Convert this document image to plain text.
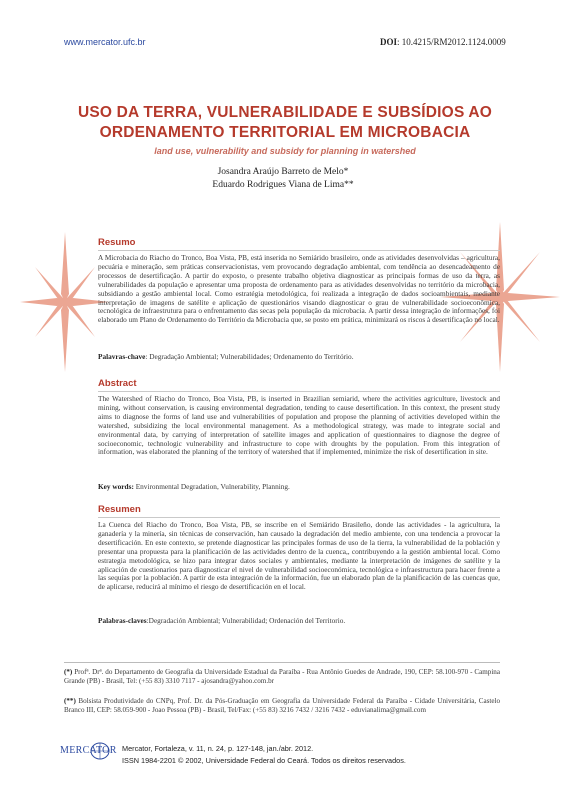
www.mercator.ufc.br	DOI: 10.4215/RM2012.1124.0009
USO DA TERRA, VULNERABILIDADE E SUBSÍDIOS AO
ORDENAMENTO TERRITORIAL EM MICROBACIA
land use, vulnerability and subsidy for planning in watershed
Josandra Araújo Barreto de Melo*
Eduardo Rodrigues Viana de Lima**
Resumo
A Microbacia do Riacho do Tronco, Boa Vista, PB, está inserida no Semiárido brasileiro, onde as atividades desenvolvidas – agricultura, pecuária e mineração, sem práticas conservacionistas, vem provocando degradação ambiental, com tendência ao desencadeamento de processos de desertificação. A partir do exposto, o presente trabalho objetiva diagnosticar as principais formas de uso da terra, as vulnerabilidades da população e apresentar uma proposta de ordenamento para as atividades desenvolvidas no território da microbacia, subsidiando a gestão ambiental local. Como estratégia metodológica, foi realizada a integração de dados socioambientais, mediante interpretação de imagens de satélite e aplicação de questionários visando diagnosticar o grau de vulnerabilidade socioeconômica, tecnológica de infraestrutura para o enfrentamento das secas pela população da microbacia. A partir dessa integração de informações, foi elaborado um Plano de Ordenamento do Território da Microbacia que, se posto em prática, minimizará os riscos à desertificação no local.
Palavras-chave: Degradação Ambiental; Vulnerabilidades; Ordenamento do Território.
Abstract
The Watershed of Riacho do Tronco, Boa Vista, PB, is inserted in Brazilian semiarid, where the activities agriculture, livestock and mining, without conservation, is causing environmental degradation, tending to cause desertification. In this context, the present study aims to diagnose the forms of land use and vulnerabilities of population and propose the planning of activities developed within the watershed, subsidizing the local environmental management. As a methodological strategy, was made to integrate social and environmental data, by carrying of interpretation of satellite images and application of questionnaires to diagnose the degree of socioeconomic, technologic vulnerability and infrastructure to cope with droughts by the population. From this integration of information, was elaborated the planning of the territory of watershed that if implemented, minimize the risk of desertification in site.
Key words: Environmental Degradation, Vulnerability, Planning.
Resumen
La Cuenca del Riacho do Tronco, Boa Vista, PB, se inscribe en el Semiárido Brasileño, donde las actividades - la agricultura, la ganadería y la minería, sin técnicas de conservación, han causado la degradación del medio ambiente, con una tendencia a provocar la desertificación. En este contexto, se pretende diagnosticar las principales formas de uso de la tierra, la vulnerabilidad de la población y presentar una propuesta para la planificación de las actividades dentro de la cuenca,, contribuyendo a la gestión ambiental local. Como estrategia metodológica, se hizo para integrar datos sociales y ambientales, mediante la interpretación de imágenes de satélite y la aplicación de cuestionarios para diagnosticar el nivel de vulnerabilidad socioeconómica, tecnológica e infraestructura para hacer frente a las sequías por la población. A partir de esta integración de la información, fue un elaborado plan de la planificación de las cuencas que, de aplicarse, reducirá al mínimo el riesgo de desertificación en el local.
Palabras-claves:Degradación Ambiental; Vulnerabilidad; Ordenación del Territorio.
(*) Profª. Drª. do Departamento de Geografia da Universidade Estadual da Paraíba - Rua Antônio Guedes de Andrade, 190, CEP: 58.100-970 - Campina Grande (PB) - Brasil, Tel: (+55 83) 3310 7117 - ajosandra@yahoo.com.br
(**) Bolsista Produtividade do CNPq, Prof. Dr. da Pós-Graduação em Geografia da Universidade Federal da Paraíba - Cidade Universitária, Castelo Branco III, CEP: 58.059-900 - Joao Pessoa (PB) - Brasil, Tel/Fax: (+55 83) 3216 7432 / 3216 7432 - eduvianalima@gmail.com
MERCATOR Mercator, Fortaleza, v. 11, n. 24, p. 127-148, jan./abr. 2012.
ISSN 1984-2201 © 2002, Universidade Federal do Ceará. Todos os direitos reservados.
